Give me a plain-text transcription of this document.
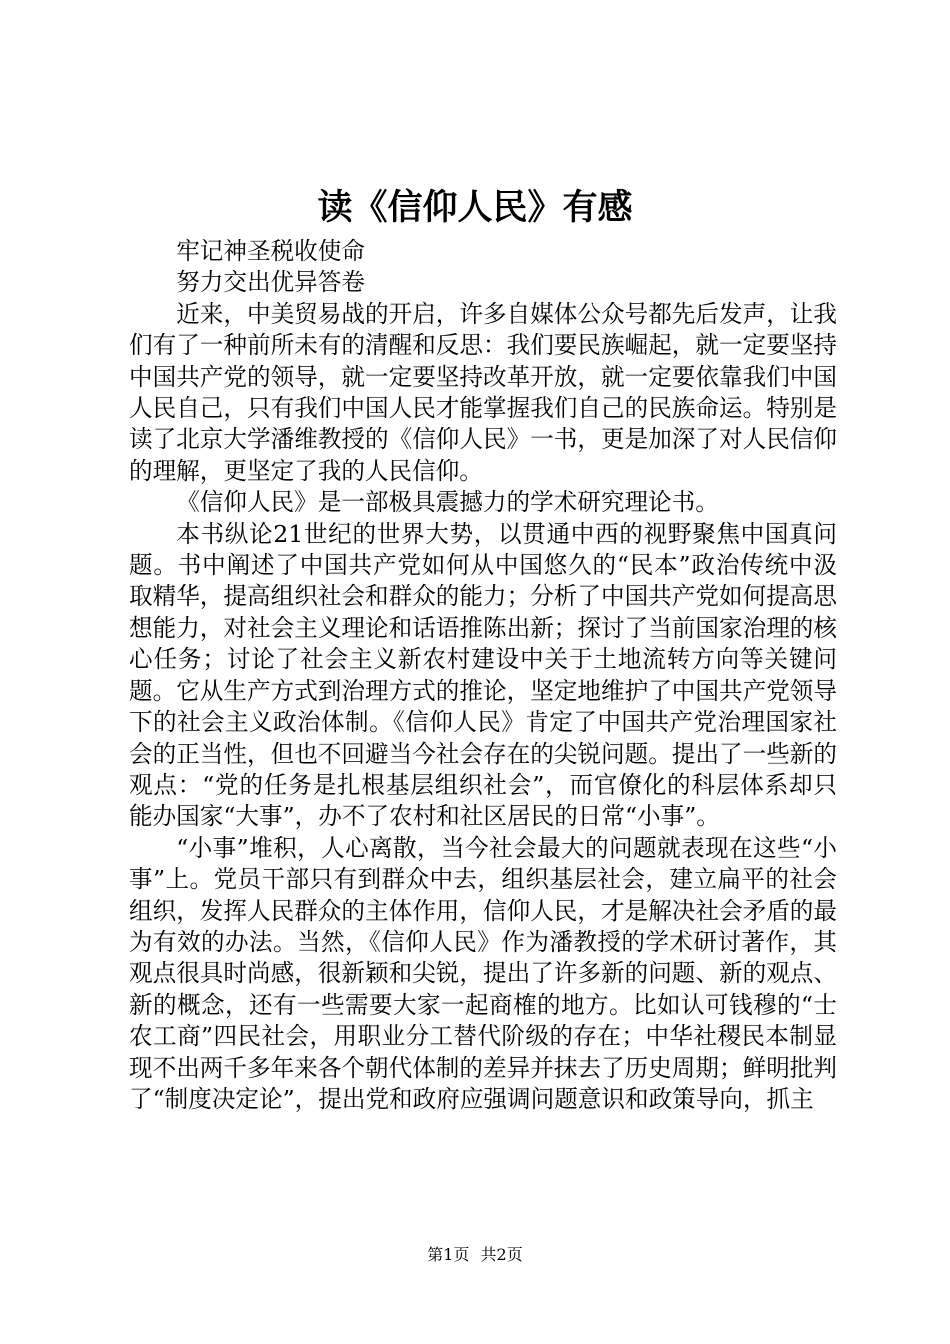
读《信仰人民》有感

牢记神圣税收使命

努力交出优异答卷

近来，中美贸易战的开启，许多自媒体公众号都先后发声，让我们有了一种前所未有的清醒和反思：我们要民族崛起，就一定要坚持中国共产党的领导，就一定要坚持改革开放，就一定要依靠我们中国人民自己，只有我们中国人民才能掌握我们自己的民族命运。特别是读了北京大学潘维教授的《信仰人民》一书，更是加深了对人民信仰的理解，更坚定了我的人民信仰。

《信仰人民》是一部极具震撼力的学术研究理论书。

本书纵论21世纪的世界大势，以贯通中西的视野聚焦中国真问题。书中阐述了中国共产党如何从中国悠久的“民本”政治传统中汲取精华，提高组织社会和群众的能力；分析了中国共产党如何提高思想能力，对社会主义理论和话语推陈出新；探讨了当前国家治理的核心任务；讨论了社会主义新农村建设中关于土地流转方向等关键问题。它从生产方式到治理方式的推论，坚定地维护了中国共产党领导下的社会主义政治体制。《信仰人民》肯定了中国共产党治理国家社会的正当性，但也不回避当今社会存在的尖锐问题。提出了一些新的观点：“党的任务是扎根基层组织社会”，而官僚化的科层体系却只能办国家“大事”，办不了农村和社区居民的日常“小事”。

“小事”堆积，人心离散，当今社会最大的问题就表现在这些“小事”上。党员干部只有到群众中去，组织基层社会，建立扁平的社会组织，发挥人民群众的主体作用，信仰人民，才是解决社会矛盾的最为有效的办法。当然，《信仰人民》作为潘教授的学术研讨著作，其观点很具时尚感，很新颖和尖锐，提出了许多新的问题、新的观点、新的概念，还有一些需要大家一起商榷的地方。比如认可钱穆的“士农工商”四民社会，用职业分工替代阶级的存在；中华社稷民本制显现不出两千多年来各个朝代体制的差异并抹去了历史周期；鲜明批判了“制度决定论”，提出党和政府应强调问题意识和政策导向，抓主

第1页 共2页
